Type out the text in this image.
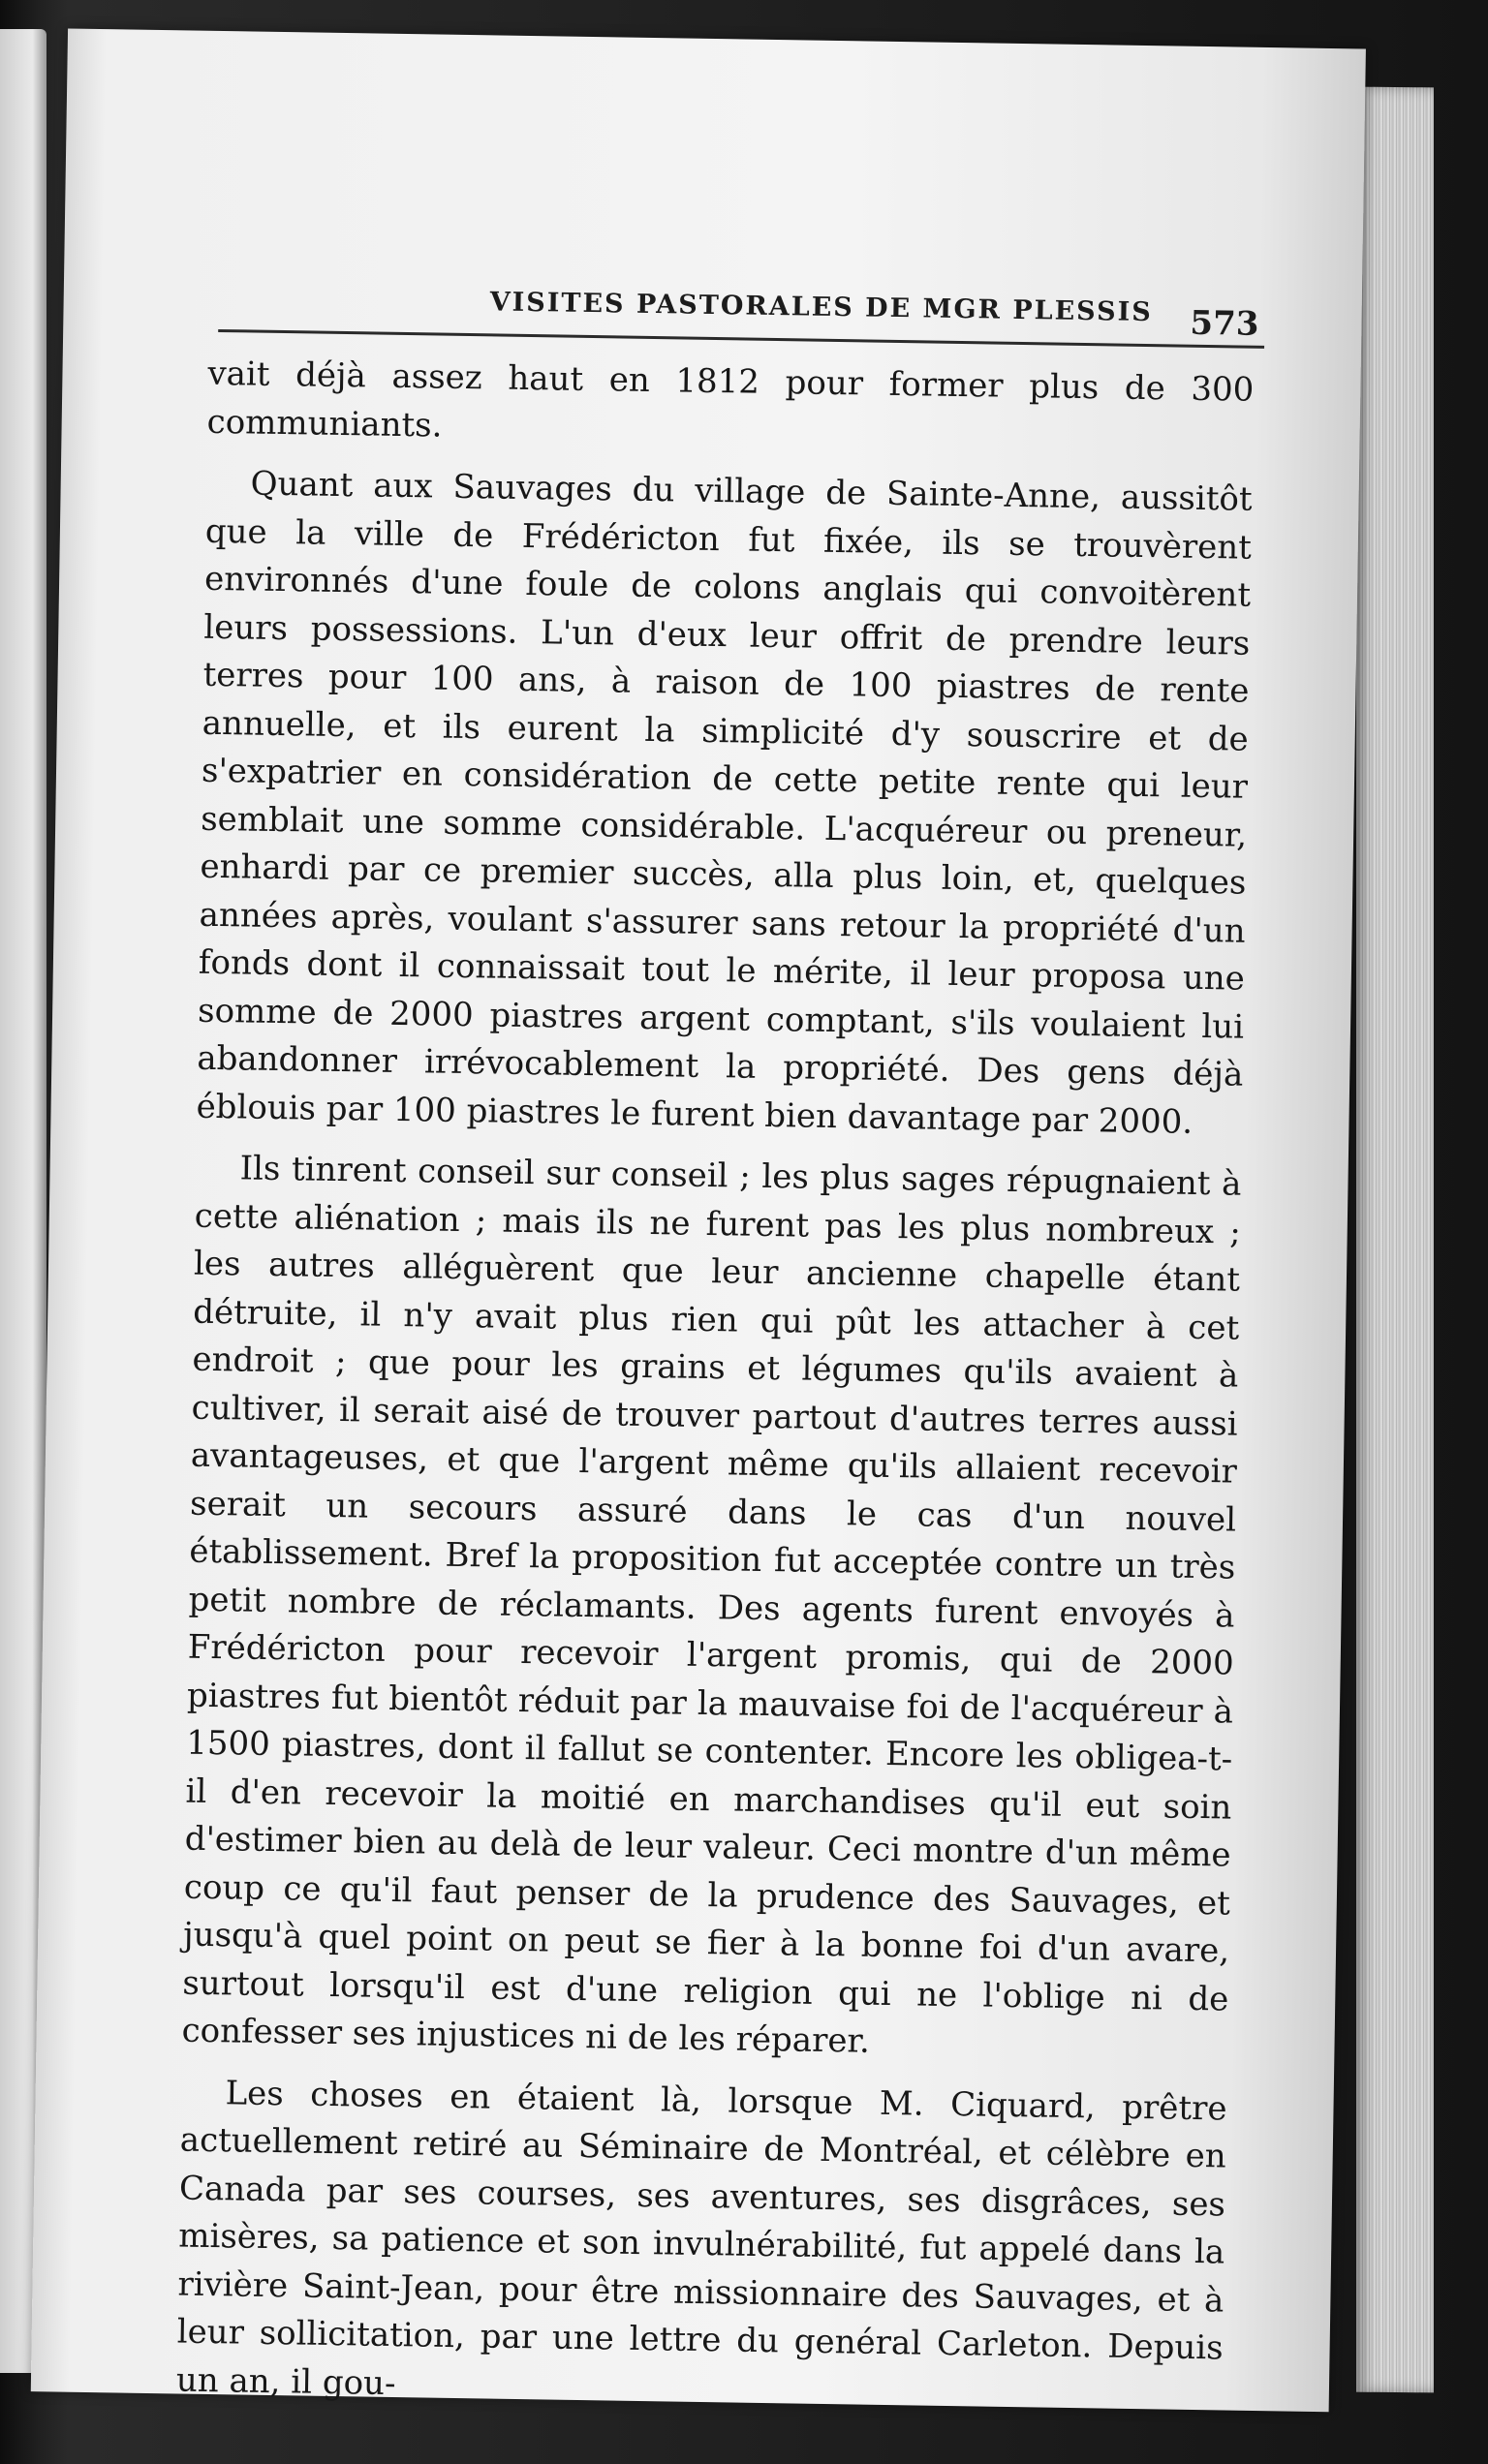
VISITES PASTORALES DE MGR PLESSIS 573

vait déjà assez haut en 1812 pour former plus de 300 communiants.

Quant aux Sauvages du village de Sainte-Anne, aussitôt que la ville de Frédéricton fut fixée, ils se trouvèrent environnés d'une foule de colons anglais qui convoitèrent leurs possessions. L'un d'eux leur offrit de prendre leurs terres pour 100 ans, à raison de 100 piastres de rente annuelle, et ils eurent la simplicité d'y souscrire et de s'expatrier en considération de cette petite rente qui leur semblait une somme considérable. L'acquéreur ou preneur, enhardi par ce premier succès, alla plus loin, et, quelques années après, voulant s'assurer sans retour la propriété d'un fonds dont il connaissait tout le mérite, il leur proposa une somme de 2000 piastres argent comptant, s'ils voulaient lui abandonner irrévocablement la propriété. Des gens déjà éblouis par 100 piastres le furent bien davantage par 2000.

Ils tinrent conseil sur conseil ; les plus sages répugnaient à cette aliénation ; mais ils ne furent pas les plus nombreux ; les autres alléguèrent que leur ancienne chapelle étant détruite, il n'y avait plus rien qui pût les attacher à cet endroit ; que pour les grains et légumes qu'ils avaient à cultiver, il serait aisé de trouver partout d'autres terres aussi avantageuses, et que l'argent même qu'ils allaient recevoir serait un secours assuré dans le cas d'un nouvel établissement. Bref la proposition fut acceptée contre un très petit nombre de réclamants. Des agents furent envoyés à Frédéricton pour recevoir l'argent promis, qui de 2000 piastres fut bientôt réduit par la mauvaise foi de l'acquéreur à 1500 piastres, dont il fallut se contenter. Encore les obligea-t-il d'en recevoir la moitié en marchandises qu'il eut soin d'estimer bien au delà de leur valeur. Ceci montre d'un même coup ce qu'il faut penser de la prudence des Sauvages, et jusqu'à quel point on peut se fier à la bonne foi d'un avare, surtout lorsqu'il est d'une religion qui ne l'oblige ni de confesser ses injustices ni de les réparer.

Les choses en étaient là, lorsque M. Ciquard, prêtre actuellement retiré au Séminaire de Montréal, et célèbre en Canada par ses courses, ses aventures, ses disgrâces, ses misères, sa patience et son invulnérabilité, fut appelé dans la rivière Saint-Jean, pour être missionnaire des Sauvages, et à leur sollicitation, par une lettre du genéral Carleton. Depuis un an, il gou-
